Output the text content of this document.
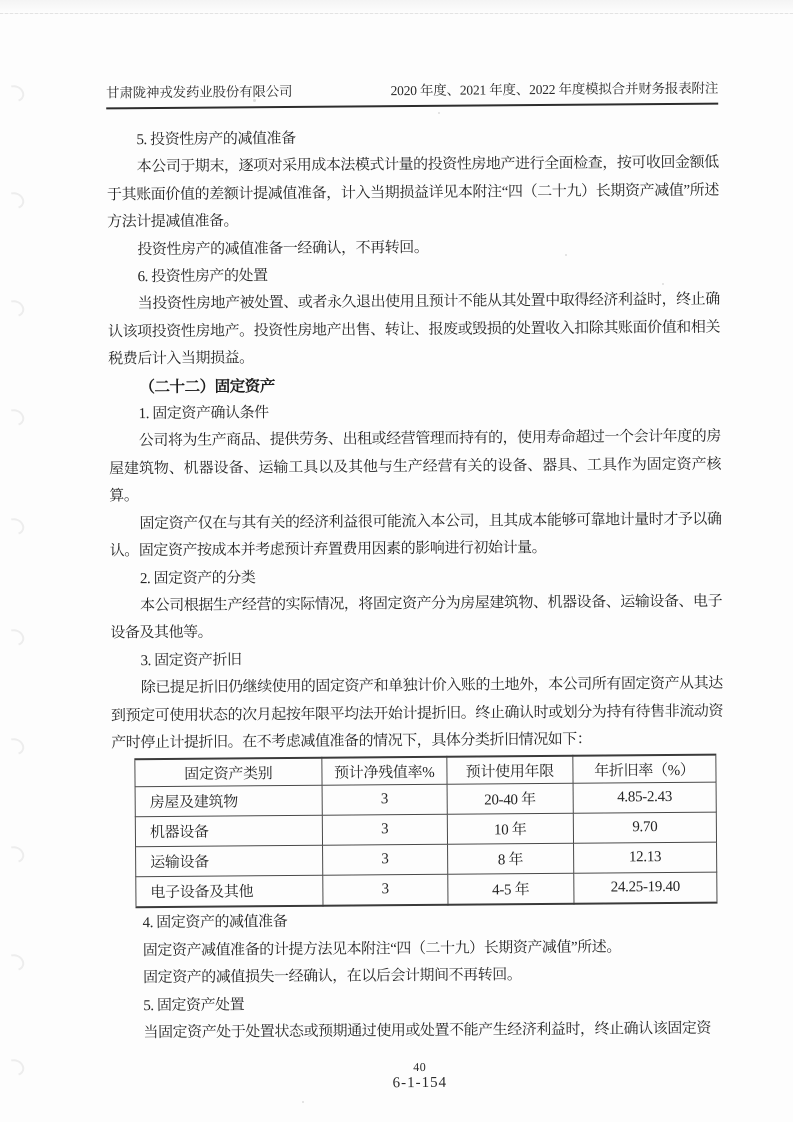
甘肃陇神戎发药业股份有限公司	2020 年度、2021 年度、2022 年度模拟合并财务报表附注

5. 投资性房产的减值准备

本公司于期末，逐项对采用成本法模式计量的投资性房地产进行全面检查，按可收回金额低于其账面价值的差额计提减值准备，计入当期损益详见本附注“四（二十九）长期资产减值”所述方法计提减值准备。

投资性房产的减值准备一经确认，不再转回。

6. 投资性房产的处置

当投资性房地产被处置、或者永久退出使用且预计不能从其处置中取得经济利益时，终止确认该项投资性房地产。投资性房地产出售、转让、报废或毁损的处置收入扣除其账面价值和相关税费后计入当期损益。

（二十二）固定资产

1. 固定资产确认条件

公司将为生产商品、提供劳务、出租或经营管理而持有的，使用寿命超过一个会计年度的房屋建筑物、机器设备、运输工具以及其他与生产经营有关的设备、器具、工具作为固定资产核算。

固定资产仅在与其有关的经济利益很可能流入本公司，且其成本能够可靠地计量时才予以确认。固定资产按成本并考虑预计弃置费用因素的影响进行初始计量。

2. 固定资产的分类

本公司根据生产经营的实际情况，将固定资产分为房屋建筑物、机器设备、运输设备、电子设备及其他等。

3. 固定资产折旧

除已提足折旧仍继续使用的固定资产和单独计价入账的土地外，本公司所有固定资产从其达到预定可使用状态的次月起按年限平均法开始计提折旧。终止确认时或划分为持有待售非流动资产时停止计提折旧。在不考虑减值准备的情况下，具体分类折旧情况如下：

固定资产类别	预计净残值率%	预计使用年限	年折旧率（%）
房屋及建筑物	3	20-40 年	4.85-2.43
机器设备	3	10 年	9.70
运输设备	3	8 年	12.13
电子设备及其他	3	4-5 年	24.25-19.40

4. 固定资产的减值准备

固定资产减值准备的计提方法见本附注“四（二十九）长期资产减值”所述。

固定资产的减值损失一经确认，在以后会计期间不再转回。

5. 固定资产处置

当固定资产处于处置状态或预期通过使用或处置不能产生经济利益时，终止确认该固定资

40
6-1-154
